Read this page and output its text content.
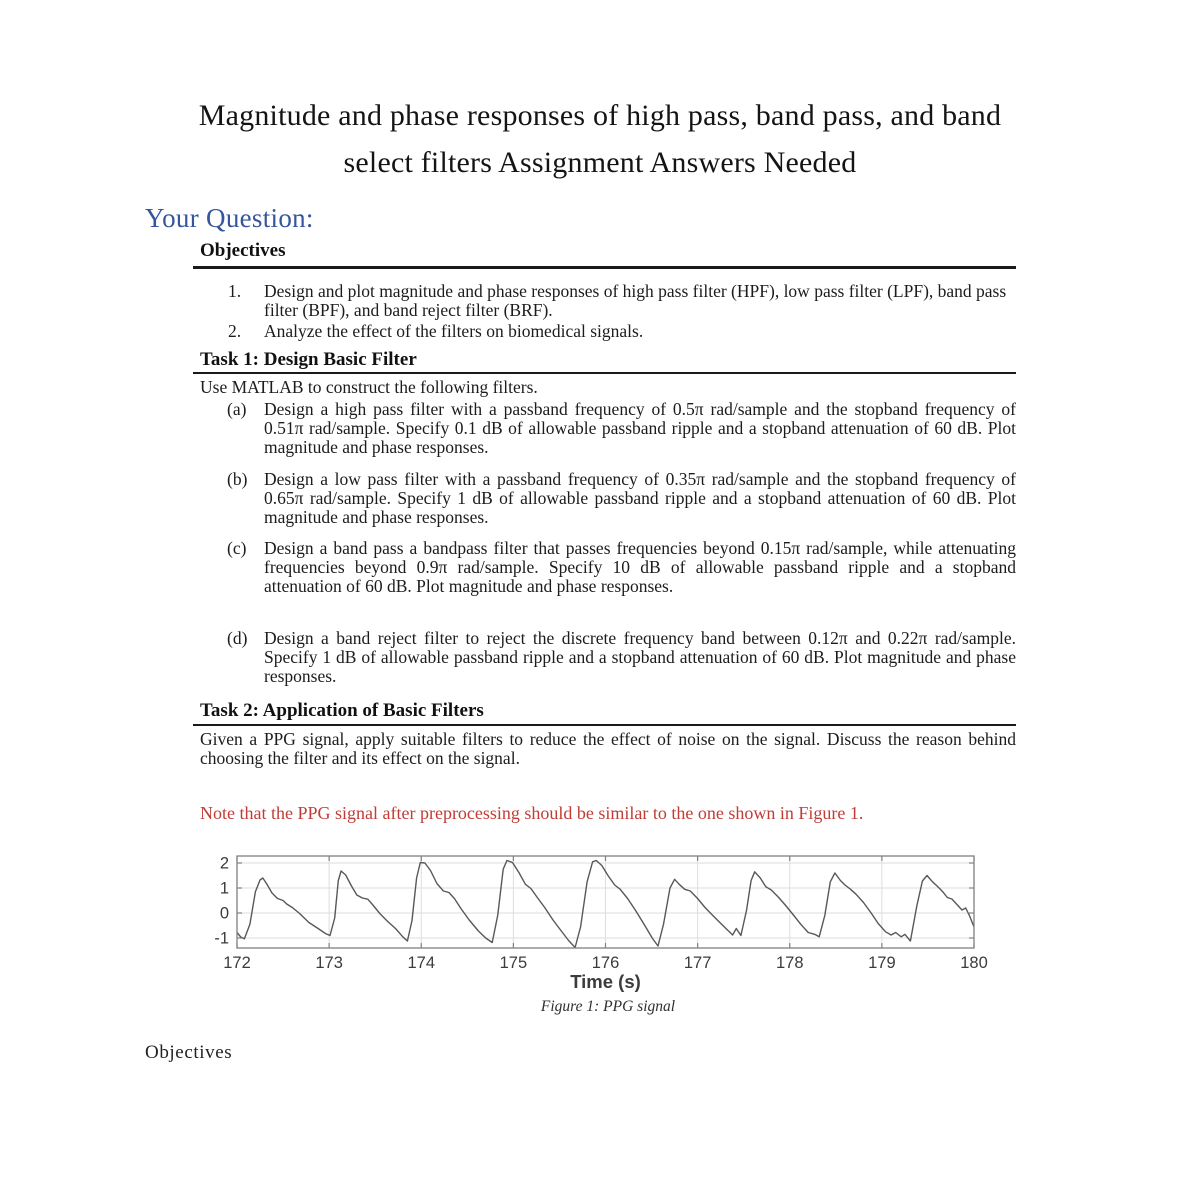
Magnitude and phase responses of high pass, band pass, and band
select filters Assignment Answers Needed
Your Question:
Objectives
1.	Design and plot magnitude and phase responses of high pass filter (HPF), low pass filter (LPF), band pass filter (BPF), and band reject filter (BRF).
2.	Analyze the effect of the filters on biomedical signals.
Task 1: Design Basic Filter
Use MATLAB to construct the following filters.
(a)	Design a high pass filter with a passband frequency of 0.5π rad/sample and the stopband frequency of 0.51π rad/sample. Specify 0.1 dB of allowable passband ripple and a stopband attenuation of 60 dB. Plot magnitude and phase responses.
(b) Design a low pass filter with a passband frequency of 0.35π rad/sample and the stopband frequency of 0.65π rad/sample. Specify 1 dB of allowable passband ripple and a stopband attenuation of 60 dB. Plot magnitude and phase responses.
(c)	Design a band pass a bandpass filter that passes frequencies beyond 0.15π rad/sample, while attenuating frequencies beyond 0.9π rad/sample. Specify 10 dB of allowable passband ripple and a stopband attenuation of 60 dB. Plot magnitude and phase responses.
(d) Design a band reject filter to reject the discrete frequency band between 0.12π and 0.22π rad/sample. Specify 1 dB of allowable passband ripple and a stopband attenuation of 60 dB. Plot magnitude and phase responses.
Task 2: Application of Basic Filters
Given a PPG signal, apply suitable filters to reduce the effect of noise on the signal. Discuss the reason behind choosing the filter and its effect on the signal.
Note that the PPG signal after preprocessing should be similar to the one shown in Figure 1.
172	173	174	175	176	177	178	179	180
-1
0
1
2
Time (s)
Figure 1: PPG signal
Objectives
